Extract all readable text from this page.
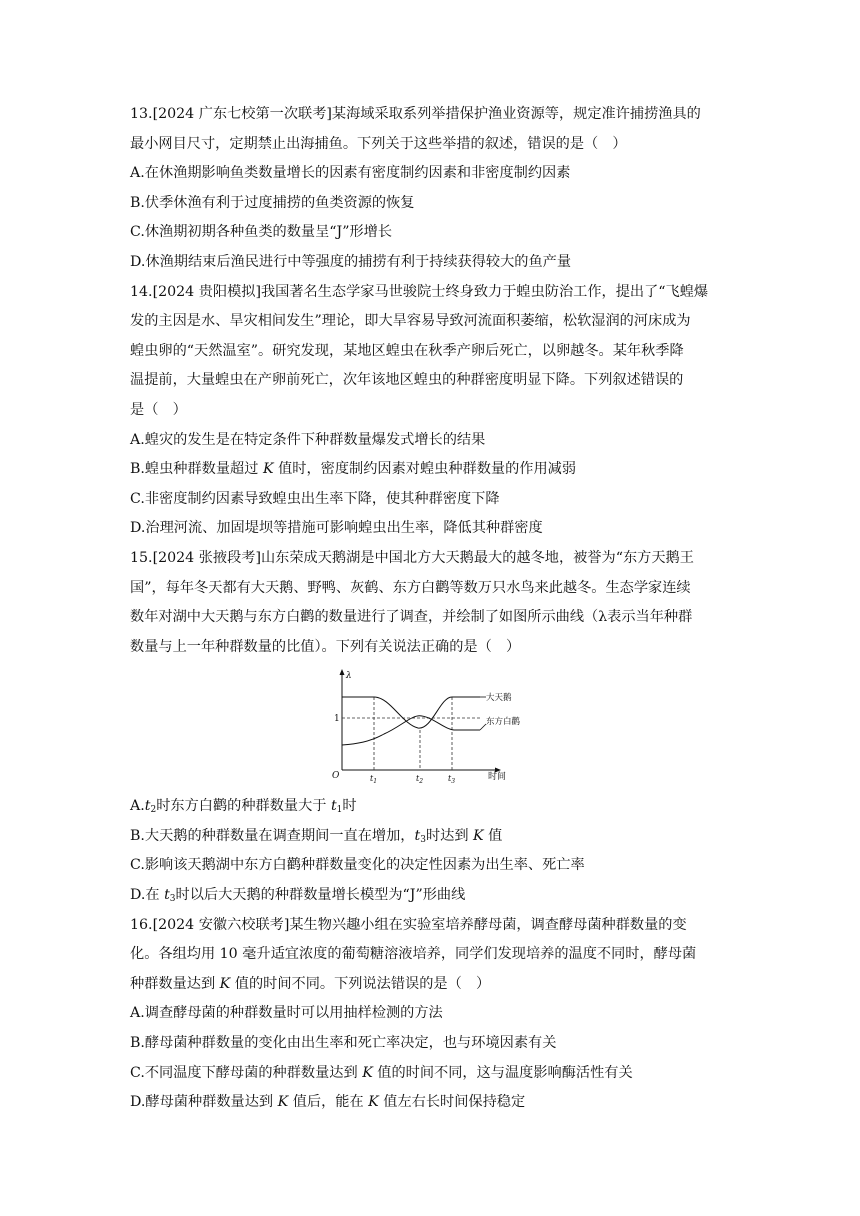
13.[2024 广东七校第一次联考]某海域采取系列举措保护渔业资源等，规定准许捕捞渔具的
最小网目尺寸，定期禁止出海捕鱼。下列关于这些举措的叙述，错误的是（　）
A.在休渔期影响鱼类数量增长的因素有密度制约因素和非密度制约因素
B.伏季休渔有利于过度捕捞的鱼类资源的恢复
C.休渔期初期各种鱼类的数量呈“J”形增长
D.休渔期结束后渔民进行中等强度的捕捞有利于持续获得较大的鱼产量
14.[2024 贵阳模拟]我国著名生态学家马世骏院士终身致力于蝗虫防治工作，提出了“飞蝗爆
发的主因是水、旱灾相间发生”理论，即大旱容易导致河流面积萎缩，松软湿润的河床成为
蝗虫卵的“天然温室”。研究发现，某地区蝗虫在秋季产卵后死亡，以卵越冬。某年秋季降
温提前，大量蝗虫在产卵前死亡，次年该地区蝗虫的种群密度明显下降。下列叙述错误的
是（　）
A.蝗灾的发生是在特定条件下种群数量爆发式增长的结果
B.蝗虫种群数量超过 K 值时，密度制约因素对蝗虫种群数量的作用减弱
C.非密度制约因素导致蝗虫出生率下降，使其种群密度下降
D.治理河流、加固堤坝等措施可影响蝗虫出生率，降低其种群密度
15.[2024 张掖段考]山东荣成天鹅湖是中国北方大天鹅最大的越冬地，被誉为“东方天鹅王
国”，每年冬天都有大天鹅、野鸭、灰鹤、东方白鹳等数万只水鸟来此越冬。生态学家连续
数年对湖中大天鹅与东方白鹳的数量进行了调查，并绘制了如图所示曲线（λ表示当年种群
数量与上一年种群数量的比值）。下列有关说法正确的是（　）
λ
O	时间
1
$t_1$	$t_2$	$t_3$
大天鹅
东方白鹳
$A.t_2$时东方白鹳的种群数量大于 $t_1$时
B.大天鹅的种群数量在调查期间一直在增加，$t_3$时达到 K 值
C.影响该天鹅湖中东方白鹳种群数量变化的决定性因素为出生率、死亡率
D.在 $t_3$时以后大天鹅的种群数量增长模型为“J”形曲线
16.[2024 安徽六校联考]某生物兴趣小组在实验室培养酵母菌，调查酵母菌种群数量的变
化。各组均用 10 毫升适宜浓度的葡萄糖溶液培养，同学们发现培养的温度不同时，酵母菌
种群数量达到 K 值的时间不同。下列说法错误的是（　）
A.调查酵母菌的种群数量时可以用抽样检测的方法
B.酵母菌种群数量的变化由出生率和死亡率决定，也与环境因素有关
C.不同温度下酵母菌的种群数量达到 K 值的时间不同，这与温度影响酶活性有关
D.酵母菌种群数量达到 K 值后，能在 K 值左右长时间保持稳定
